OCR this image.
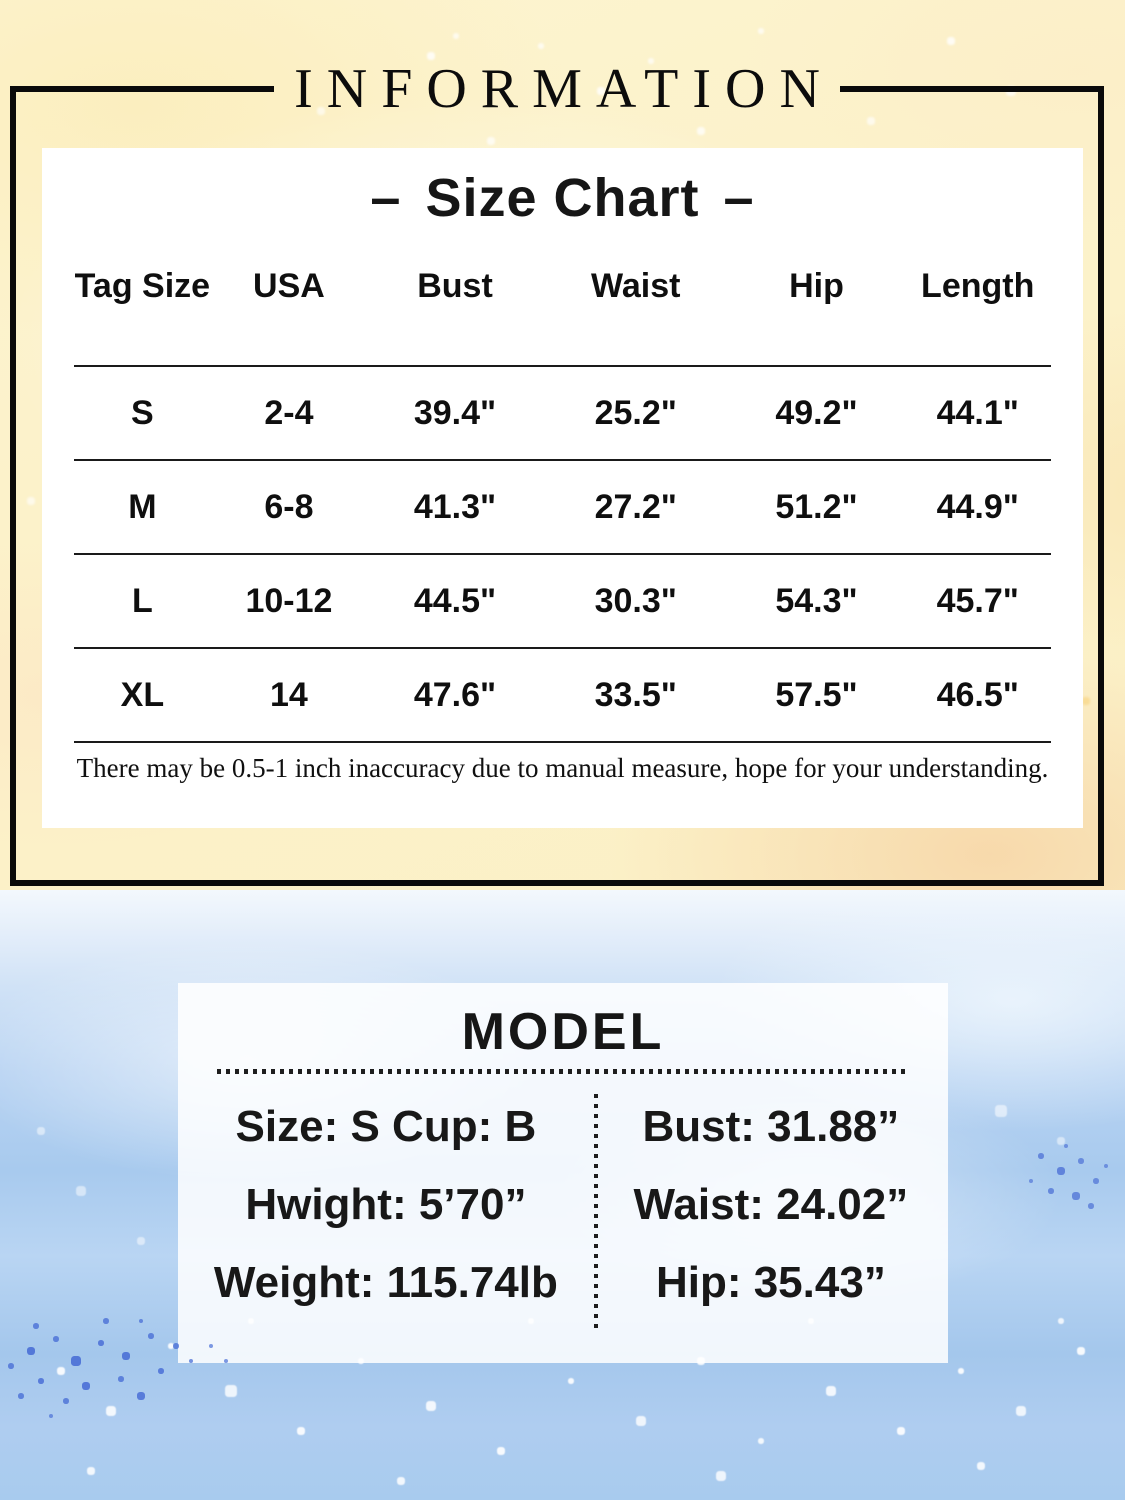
INFORMATION
– Size Chart –
Tag Size	USA	Bust	Waist	Hip	Length
S	2-4	39.4"	25.2"	49.2"	44.1"
M	6-8	41.3"	27.2"	51.2"	44.9"
L	10-12	44.5"	30.3"	54.3"	45.7"
XL	14	47.6"	33.5"	57.5"	46.5"
There may be 0.5-1 inch inaccuracy due to manual measure, hope for your understanding.
MODEL
Size: S Cup: B
Hwight: 5’70”
Weight: 115.74lb
Bust: 31.88”
Waist: 24.02”
Hip: 35.43”
